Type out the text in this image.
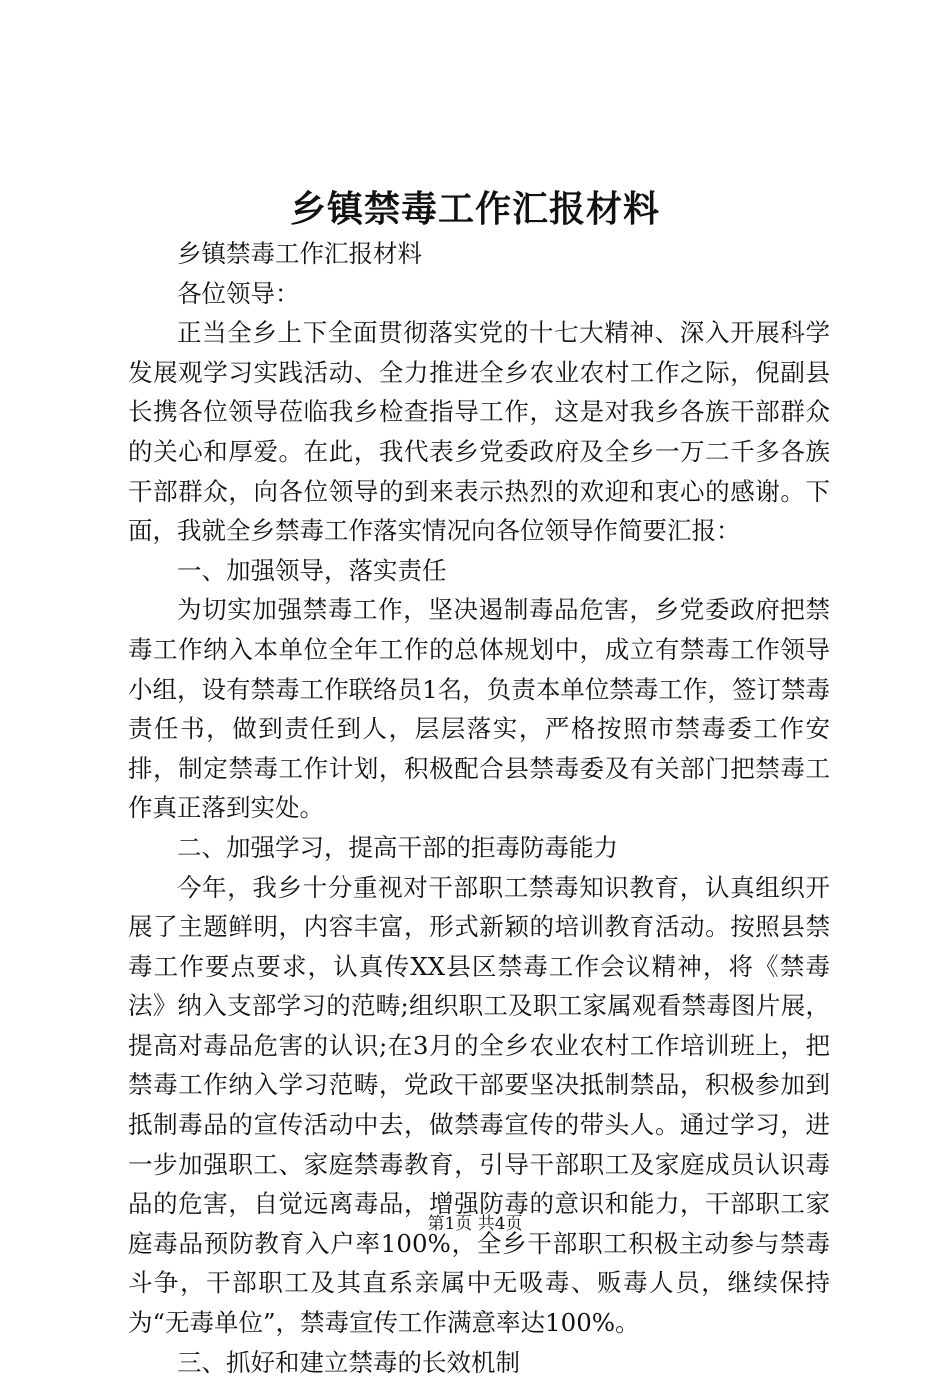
乡镇禁毒工作汇报材料

乡镇禁毒工作汇报材料

各位领导：

正当全乡上下全面贯彻落实党的十七大精神、深入开展科学发展观学习实践活动、全力推进全乡农业农村工作之际，倪副县长携各位领导莅临我乡检查指导工作，这是对我乡各族干部群众的关心和厚爱。在此，我代表乡党委政府及全乡一万二千多各族干部群众，向各位领导的到来表示热烈的欢迎和衷心的感谢。下面，我就全乡禁毒工作落实情况向各位领导作简要汇报：

一、加强领导，落实责任

为切实加强禁毒工作，坚决遏制毒品危害，乡党委政府把禁毒工作纳入本单位全年工作的总体规划中，成立有禁毒工作领导小组，设有禁毒工作联络员1名，负责本单位禁毒工作，签订禁毒责任书，做到责任到人，层层落实，严格按照市禁毒委工作安排，制定禁毒工作计划，积极配合县禁毒委及有关部门把禁毒工作真正落到实处。

二、加强学习，提高干部的拒毒防毒能力

今年，我乡十分重视对干部职工禁毒知识教育，认真组织开展了主题鲜明，内容丰富，形式新颖的培训教育活动。按照县禁毒工作要点要求，认真传XX县区禁毒工作会议精神，将《禁毒法》纳入支部学习的范畴;组织职工及职工家属观看禁毒图片展，提高对毒品危害的认识;在3月的全乡农业农村工作培训班上，把禁毒工作纳入学习范畴，党政干部要坚决抵制禁品，积极参加到抵制毒品的宣传活动中去，做禁毒宣传的带头人。通过学习，进一步加强职工、家庭禁毒教育，引导干部职工及家庭成员认识毒品的危害，自觉远离毒品，增强防毒的意识和能力，干部职工家庭毒品预防教育入户率100%，全乡干部职工积极主动参与禁毒斗争，干部职工及其直系亲属中无吸毒、贩毒人员，继续保持为“无毒单位”，禁毒宣传工作满意率达100%。

三、抓好和建立禁毒的长效机制

第1页 共4页
